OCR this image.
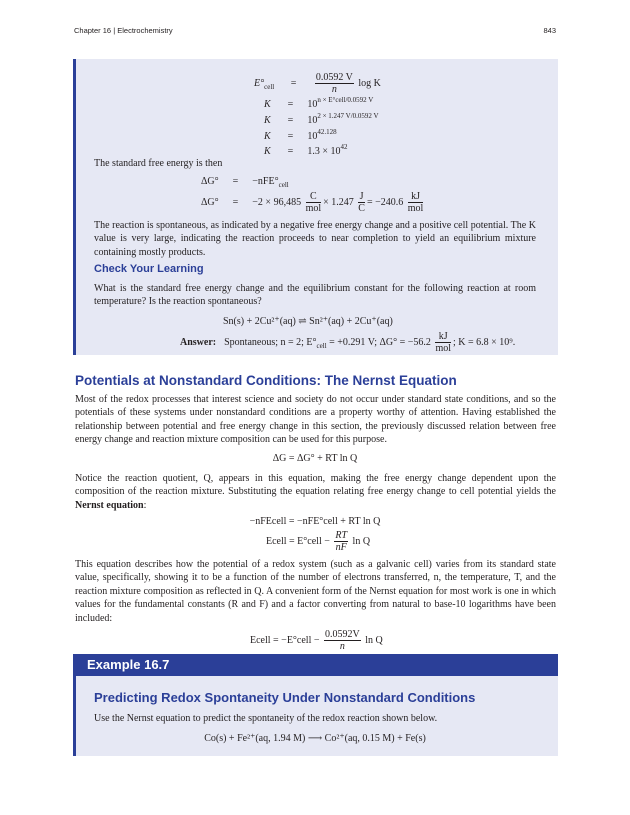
Chapter 16 | Electrochemistry	843
$E^\circ_{cell} = \frac{0.0592 V}{n}$ log K
$K = 10^{n \times E^\circ cell/0.0592 V}$
$K = 10^{2 \times 1.247 V/0.0592 V}$
$K = 10^{42.128}$
$K = 1.3 \times 10^{42}$
The standard free energy is then
$\Delta G^\circ = -nFE^\circ_{cell}$
$\Delta G^\circ = -2 \times 96,485 \frac{C}{\text{mol}} \times 1.247 \frac{J}{C} = -240.6 \frac{kJ}{\text{mol}}$
The reaction is spontaneous, as indicated by a negative free energy change and a positive cell potential. The K value is very large, indicating the reaction proceeds to near completion to yield an equilibrium mixture containing mostly products.
Check Your Learning
What is the standard free energy change and the equilibrium constant for the following reaction at room temperature? Is the reaction spontaneous?
Sn(s) + 2Cu²⁺(aq) ⇌ Sn²⁺(aq) + 2Cu⁺(aq)
Answer: Spontaneous; n = 2; $E^\circ_{cell} = +0.291$ V; $\Delta G^\circ = -56.2 \frac{kJ}{\text{mol}}$ ; K = 6.8 × 10⁹.
Potentials at Nonstandard Conditions: The Nernst Equation
Most of the redox processes that interest science and society do not occur under standard state conditions, and so the potentials of these systems under nonstandard conditions are a property worthy of attention. Having established the relationship between potential and free energy change in this section, the previously discussed relation between free energy change and reaction mixture composition can be used for this purpose.
ΔG = ΔG° + RT ln Q
Notice the reaction quotient, Q, appears in this equation, making the free energy change dependent upon the composition of the reaction mixture. Substituting the equation relating free energy change to cell potential yields the Nernst equation:
−nFEcell = −nFE°cell + RT ln Q
Ecell = E°cell − $\frac{RT}{nF}$ ln Q
This equation describes how the potential of a redox system (such as a galvanic cell) varies from its standard state value, specifically, showing it to be a function of the number of electrons transferred, n, the temperature, T, and the reaction mixture composition as reflected in Q. A convenient form of the Nernst equation for most work is one in which values for the fundamental constants (R and F) and a factor converting from natural to base-10 logarithms have been included:
Ecell = −E°cell − $\frac{0.0592V}{n}$ ln Q
Example 16.7
Predicting Redox Spontaneity Under Nonstandard Conditions
Use the Nernst equation to predict the spontaneity of the redox reaction shown below.
Co(s) + Fe²⁺(aq, 1.94 M) ⟶ Co²⁺(aq, 0.15 M) + Fe(s)
